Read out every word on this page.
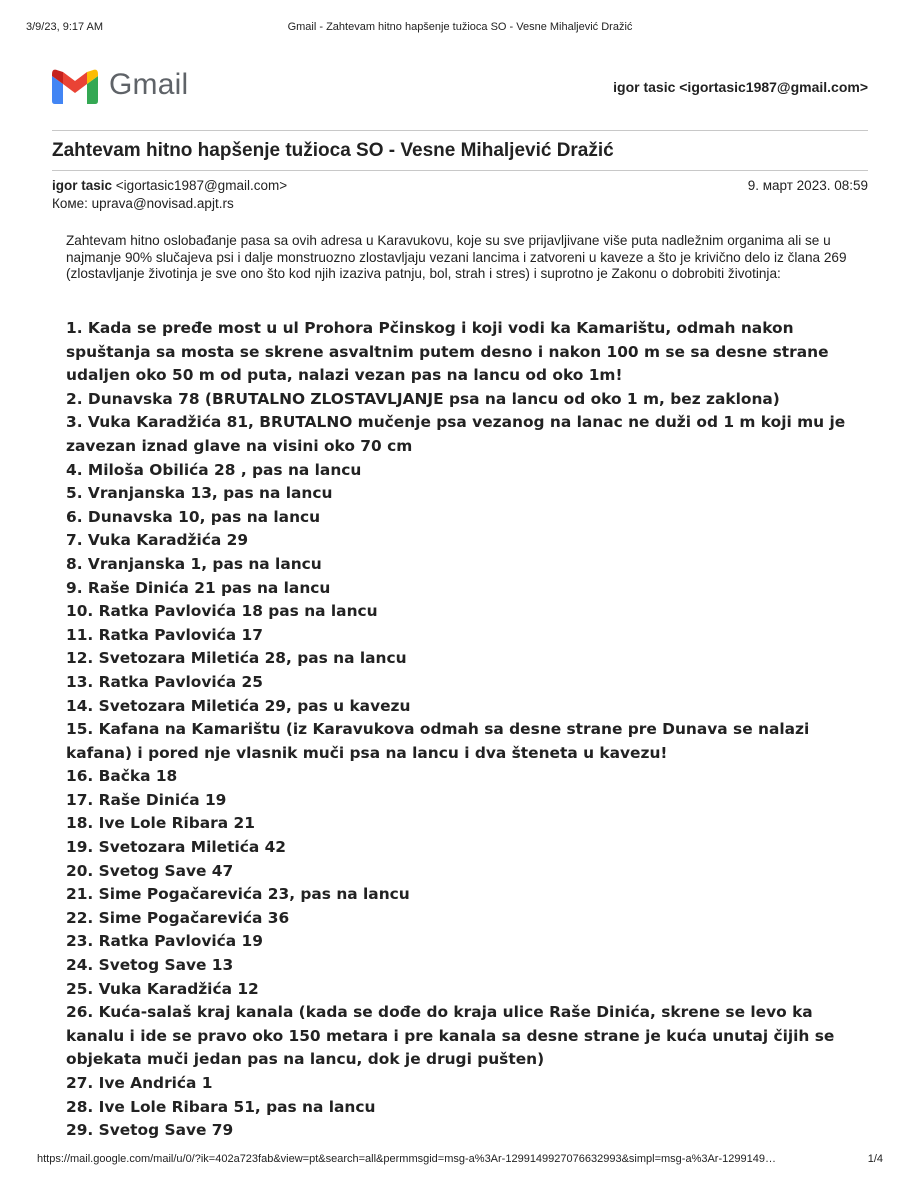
3/9/23, 9:17 AM	Gmail - Zahtevam hitno hapšenje tužioca SO - Vesne Mihaljević Dražić
Gmail	igor tasic <igortasic1987@gmail.com>
Zahtevam hitno hapšenje tužioca SO - Vesne Mihaljević Dražić
igor tasic <igortasic1987@gmail.com>	9. март 2023. 08:59
Коме: uprava@novisad.apjt.rs
Zahtevam hitno oslobađanje pasa sa ovih adresa u Karavukovu, koje su sve prijavljivane više puta nadležnim organima ali se u najmanje 90% slučajeva psi i dalje monstruozno zlostavljaju vezani lancima i zatvoreni u kaveze a što je krivično delo iz člana 269 (zlostavljanje životinja je sve ono što kod njih izaziva patnju, bol, strah i stres) i suprotno je Zakonu o dobrobiti životinja:
1. Kada se pređe most u ul Prohora Pčinskog i koji vodi ka Kamarištu, odmah nakon spuštanja sa mosta se skrene asvaltnim putem desno i nakon 100 m se sa desne strane udaljen oko 50 m od puta, nalazi vezan pas na lancu od oko 1m!
2. Dunavska 78 (BRUTALNO ZLOSTAVLJANJE psa na lancu od oko 1 m, bez zaklona)
3. Vuka Karadžića 81, BRUTALNO mučenje psa vezanog na lanac ne duži od 1 m koji mu je zavezan iznad glave na visini oko 70 cm
4. Miloša Obilića 28 , pas na lancu
5. Vranjanska 13, pas na lancu
6. Dunavska 10, pas na lancu
7. Vuka Karadžića 29
8. Vranjanska 1, pas na lancu
9. Raše Dinića 21 pas na lancu
10. Ratka Pavlovića 18 pas na lancu
11. Ratka Pavlovića 17
12. Svetozara Miletića 28, pas na lancu
13. Ratka Pavlovića 25
14. Svetozara Miletića 29, pas u kavezu
15. Kafana na Kamarištu (iz Karavukova odmah sa desne strane pre Dunava se nalazi kafana) i pored nje vlasnik muči psa na lancu i dva šteneta u kavezu!
16. Bačka 18
17. Raše Dinića 19
18. Ive Lole Ribara 21
19. Svetozara Miletića 42
20. Svetog Save 47
21. Sime Pogačarevića 23, pas na lancu
22. Sime Pogačarevića 36
23. Ratka Pavlovića 19
24. Svetog Save 13
25. Vuka Karadžića 12
26. Kuća-salaš kraj kanala (kada se dođe do kraja ulice Raše Dinića, skrene se levo ka kanalu i ide se pravo oko 150 metara i pre kanala sa desne strane je kuća unutaj čijih se objekata muči jedan pas na lancu, dok je drugi pušten)
27. Ive Andrića 1
28. Ive Lole Ribara 51, pas na lancu
29. Svetog Save 79
https://mail.google.com/mail/u/0/?ik=402a723fab&view=pt&search=all&permmsgid=msg-a%3Ar-1299149927076632993&simpl=msg-a%3Ar-1299149…	1/4
